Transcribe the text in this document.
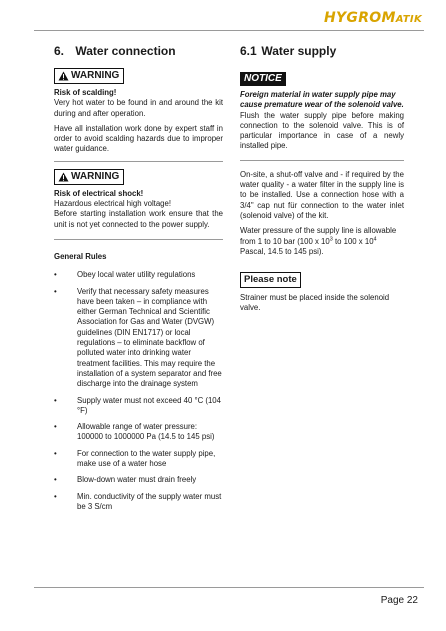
HYGROMATIK
6. Water connection
WARNING

Risk of scalding!

Very hot water to be found in and around the kit during and after operation.

Have all installation work done by expert staff in order to avoid scalding hazards due to improper water guidance.

WARNING

Risk of electrical shock!

Hazardous electrical high voltage!

Before starting installation work ensure that the unit is not yet connected to the power supply.

General Rules

•	Obey local water utility regulations
•	Verify that necessary safety measures have been taken – in compliance with either German Technical and Scientific Association for Gas and Water (DVGW) guidelines (DIN EN1717) or local regulations – to eliminate backflow of polluted water into drinking water treatment facilities. This may require the installation of a system separator and free discharge into the drainage system
•	Supply water must not exceed 40 °C (104 °F)
•	Allowable range of water pressure:
100000 to 1000000 Pa (14.5 to 145 psi)
•	For connection to the water supply pipe, make use of a water hose
•	Blow-down water must drain freely
•	Min. conductivity of the supply water must be 3 S/cm
6.1 Water supply
NOTICE

Foreign material in water supply pipe may cause premature wear of the solenoid valve.

Flush the water supply pipe before making connection to the solenoid valve. This is of particular importance in case of a newly installed pipe.

On-site, a shut-off valve and - if required by the water quality - a water filter in the supply line is to be installed. Use a connection hose with a 3/4" cap nut für connection to the water inlet (solenoid valve) of the kit.

Water pressure of the supply line is allowable from 1 to 10 bar (100 x $10^3$ to 100 x $10^4$ Pascal, 14.5 to 145 psi).

Please note

Strainer must be placed inside the solenoid valve.

Page 22
